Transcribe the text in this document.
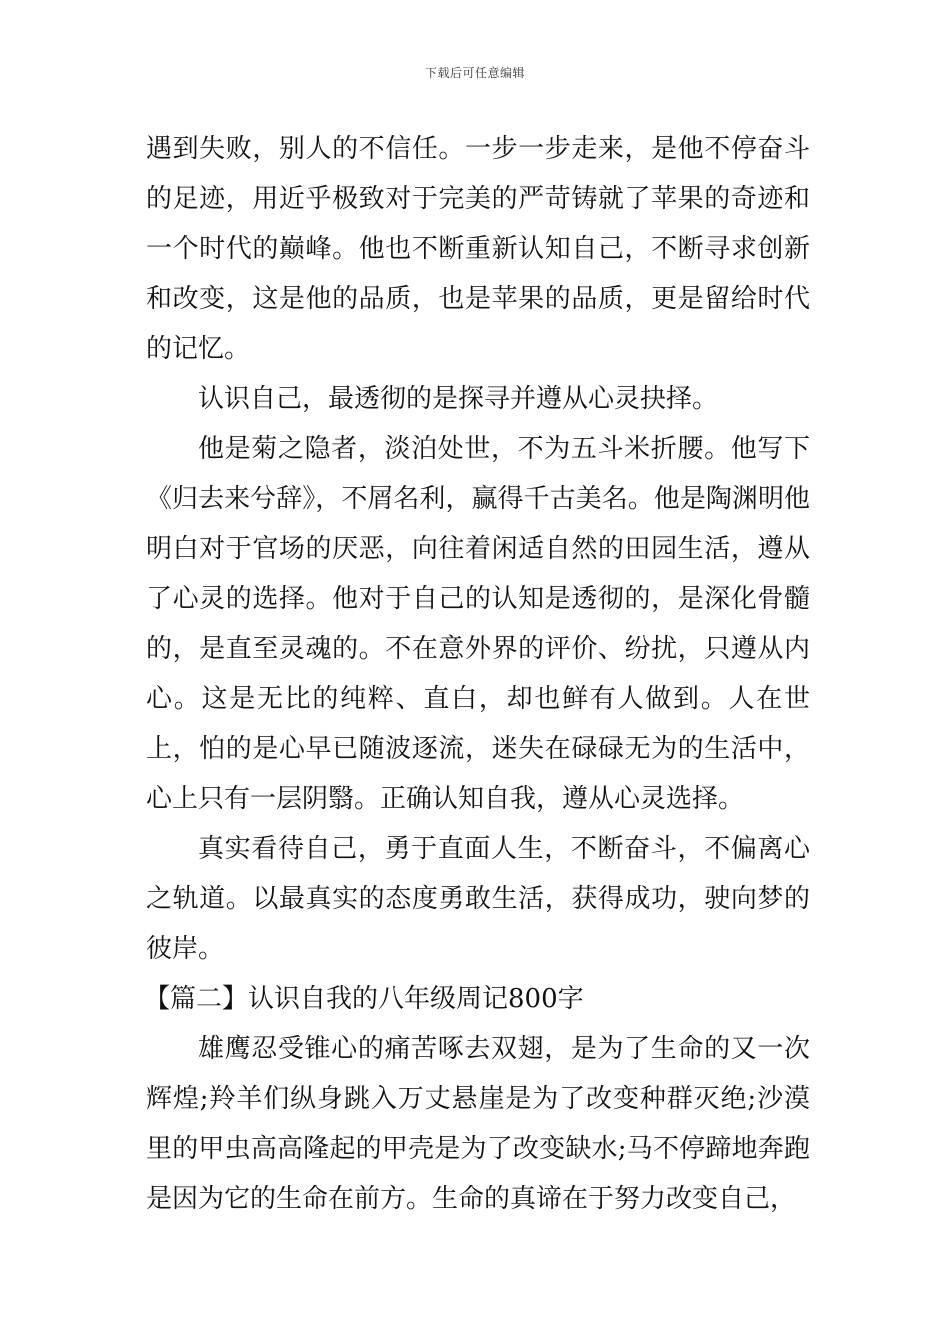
下载后可任意编辑

遇到失败，别人的不信任。一步一步走来，是他不停奋斗的足迹，用近乎极致对于完美的严苛铸就了苹果的奇迹和一个时代的巅峰。他也不断重新认知自己，不断寻求创新和改变，这是他的品质，也是苹果的品质，更是留给时代的记忆。

认识自己，最透彻的是探寻并遵从心灵抉择。

他是菊之隐者，淡泊处世，不为五斗米折腰。他写下《归去来兮辞》，不屑名利，赢得千古美名。他是陶渊明他明白对于官场的厌恶，向往着闲适自然的田园生活，遵从了心灵的选择。他对于自己的认知是透彻的，是深化骨髓的，是直至灵魂的。不在意外界的评价、纷扰，只遵从内心。这是无比的纯粹、直白，却也鲜有人做到。人在世上，怕的是心早已随波逐流，迷失在碌碌无为的生活中，心上只有一层阴翳。正确认知自我，遵从心灵选择。

真实看待自己，勇于直面人生，不断奋斗，不偏离心之轨道。以最真实的态度勇敢生活，获得成功，驶向梦的彼岸。

【篇二】认识自我的八年级周记800字

雄鹰忍受锥心的痛苦啄去双翅，是为了生命的又一次辉煌;羚羊们纵身跳入万丈悬崖是为了改变种群灭绝;沙漠里的甲虫高高隆起的甲壳是为了改变缺水;马不停蹄地奔跑是因为它的生命在前方。生命的真谛在于努力改变自己，
